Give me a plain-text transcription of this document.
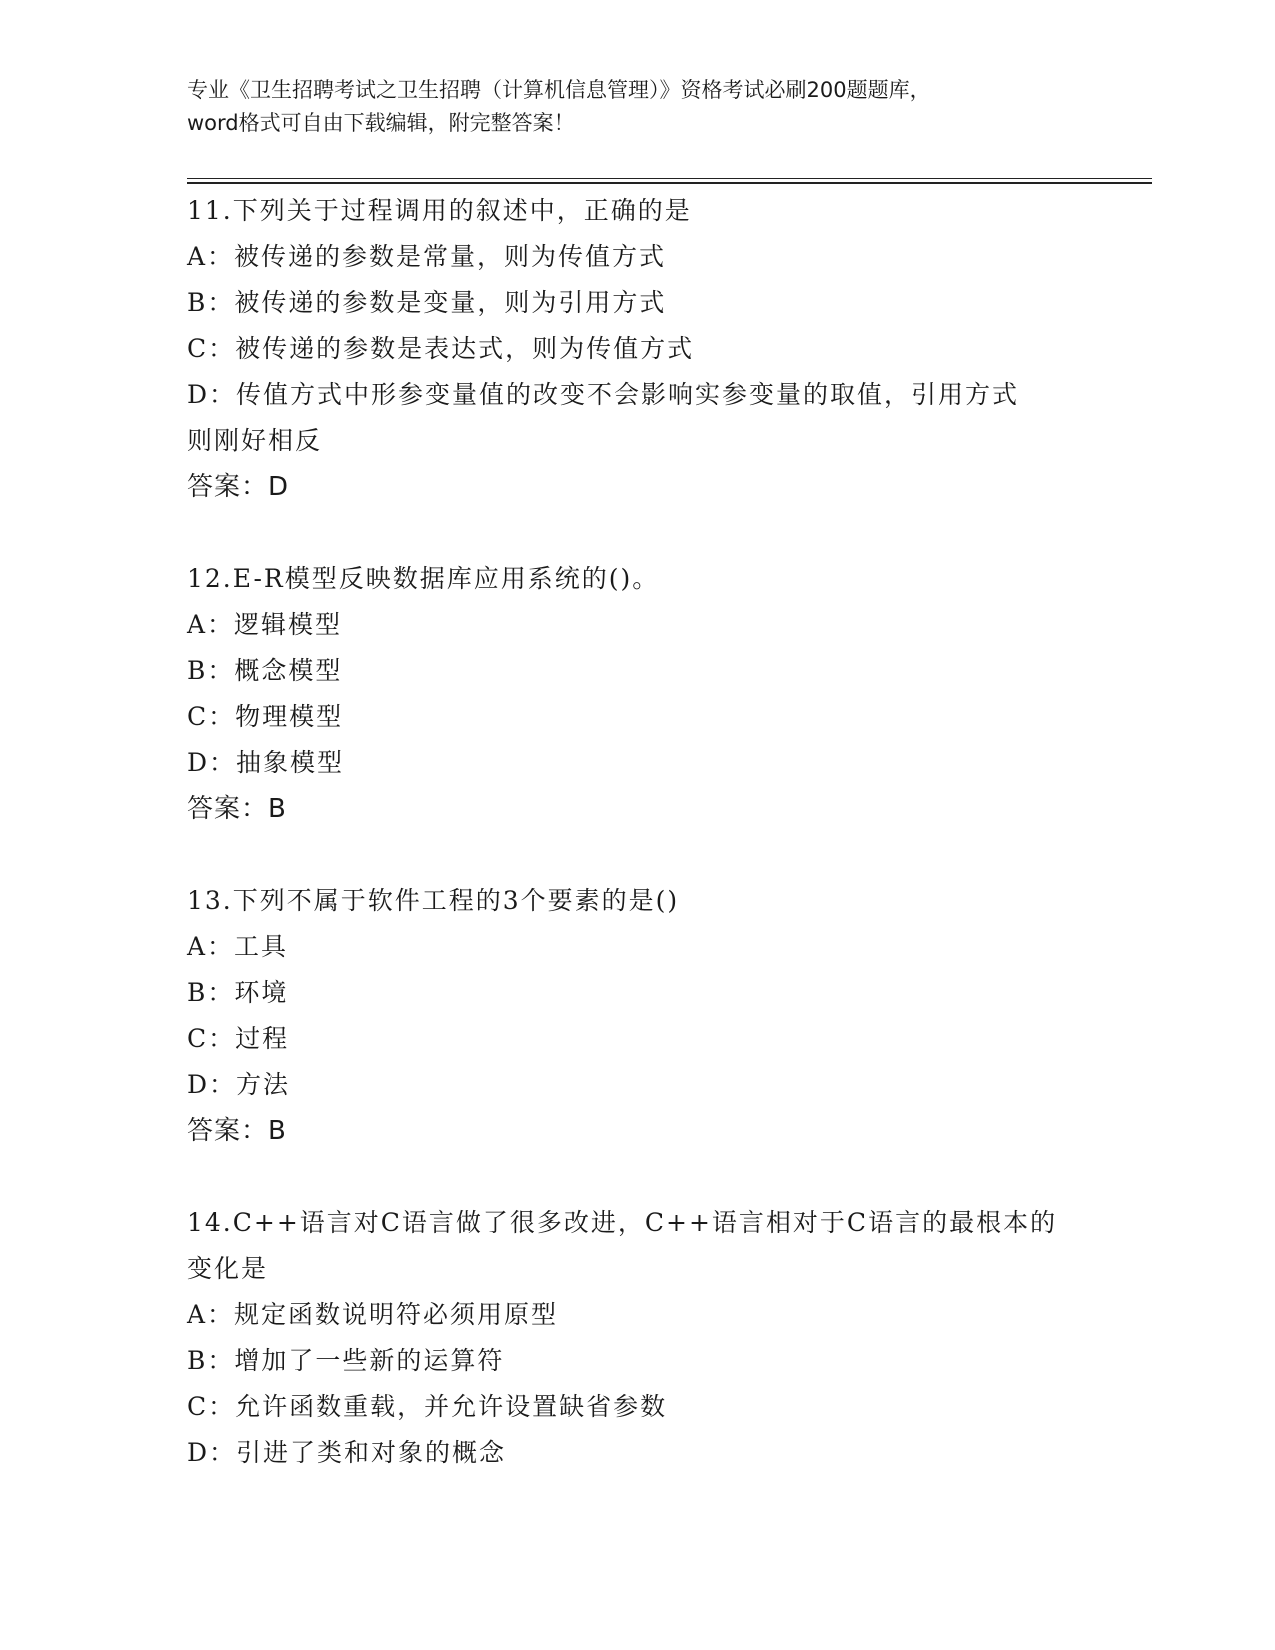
专业《卫生招聘考试之卫生招聘（计算机信息管理）》资格考试必刷200题题库，
word格式可自由下载编辑，附完整答案！
11.下列关于过程调用的叙述中，正确的是
A：被传递的参数是常量，则为传值方式
B：被传递的参数是变量，则为引用方式
C：被传递的参数是表达式，则为传值方式
D：传值方式中形参变量值的改变不会影响实参变量的取值，引用方式
则刚好相反
答案：D
12.E-R模型反映数据库应用系统的()。
A：逻辑模型
B：概念模型
C：物理模型
D：抽象模型
答案：B
13.下列不属于软件工程的3个要素的是()
A：工具
B：环境
C：过程
D：方法
答案：B
14.C++语言对C语言做了很多改进，C++语言相对于C语言的最根本的
变化是
A：规定函数说明符必须用原型
B：增加了一些新的运算符
C：允许函数重载，并允许设置缺省参数
D：引进了类和对象的概念
